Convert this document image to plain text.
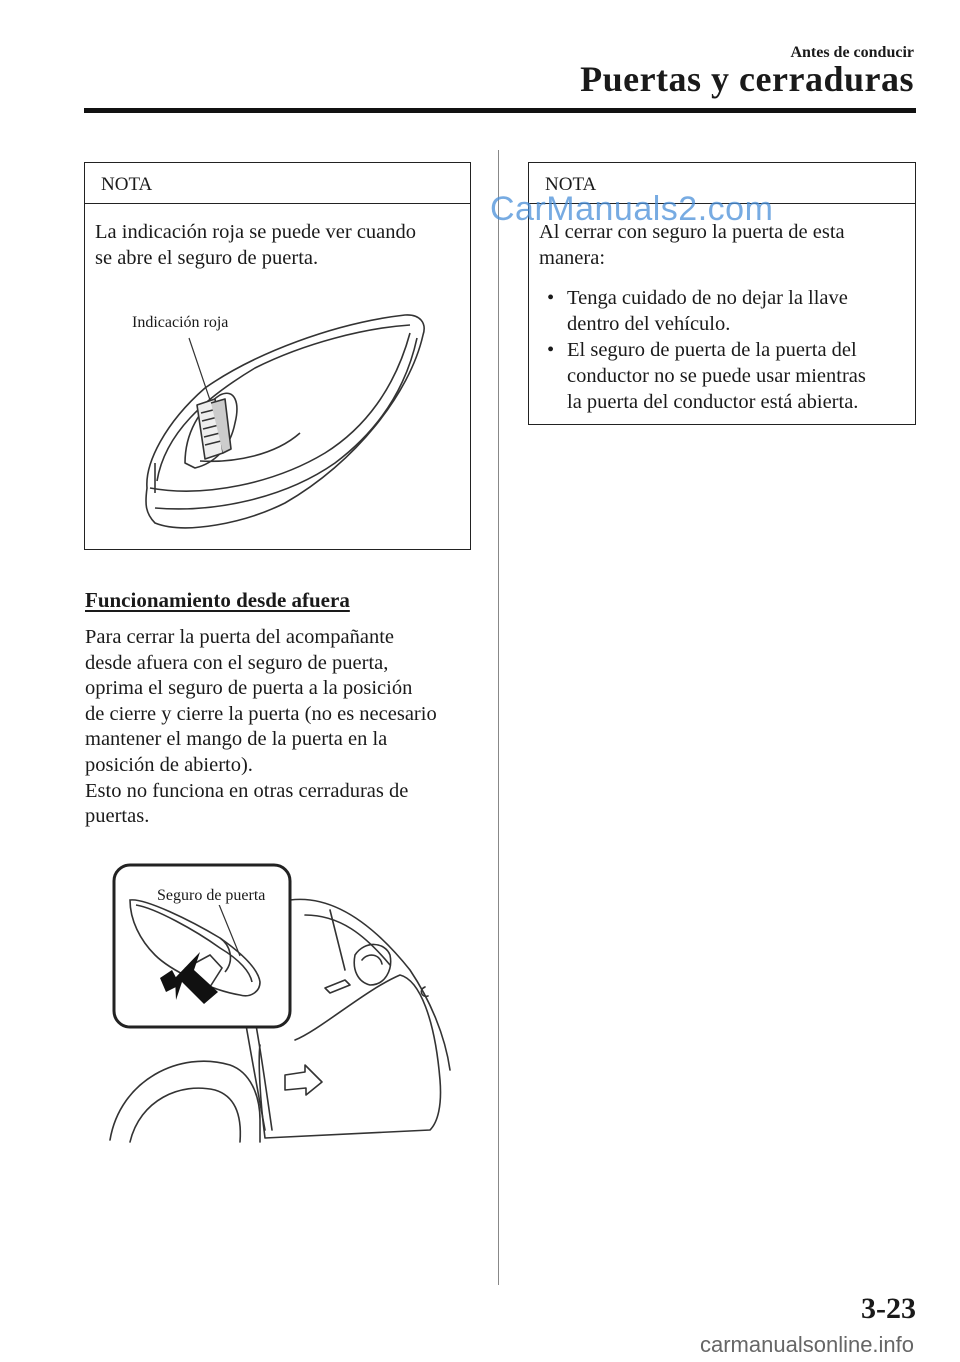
Antes de conducir
Puertas y cerraduras
NOTA
La indicación roja se puede ver cuando
se abre el seguro de puerta.
Indicación roja
Funcionamiento desde afuera

Para cerrar la puerta del acompañante

desde afuera con el seguro de puerta,

oprima el seguro de puerta a la posición

de cierre y cierre la puerta (no es necesario

mantener el mango de la puerta en la

posición de abierto).

Esto no funciona en otras cerraduras de

puertas.

Seguro de puerta
NOTA
Al cerrar con seguro la puerta de esta
manera:
• Tenga cuidado de no dejar la llave
dentro del vehículo.
• El seguro de puerta de la puerta del
conductor no se puede usar mientras
la puerta del conductor está abierta.
CarManuals2.com
carmanualsonline.info
3-23
